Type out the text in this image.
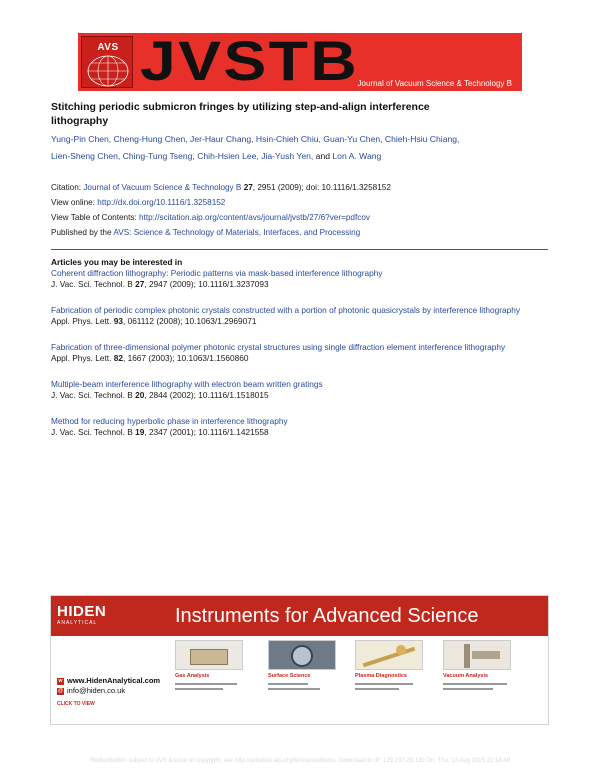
AVS JVSTB
Journal of Vacuum Science & Technology B
Stitching periodic submicron fringes by utilizing step-and-align interference
lithography
Yung-Pin Chen, Cheng-Hung Chen, Jer-Haur Chang, Hsin-Chieh Chiu, Guan-Yu Chen, Chieh-Hsiu Chiang,
Lien-Sheng Chen, Ching-Tung Tseng, Chih-Hsien Lee, Jia-Yush Yen, and Lon A. Wang
Citation: Journal of Vacuum Science & Technology B 27, 2951 (2009); doi: 10.1116/1.3258152
View online: http://dx.doi.org/10.1116/1.3258152
View Table of Contents: http://scitation.aip.org/content/avs/journal/jvstb/27/6?ver=pdfcov
Published by the AVS: Science & Technology of Materials, Interfaces, and Processing
Articles you may be interested in
Coherent diffraction lithography: Periodic patterns via mask-based interference lithography
J. Vac. Sci. Technol. B 27, 2947 (2009); 10.1116/1.3237093
Fabrication of periodic complex photonic crystals constructed with a portion of photonic quasicrystals by interference lithography
Appl. Phys. Lett. 93, 061112 (2008); 10.1063/1.2969071
Fabrication of three-dimensional polymer photonic crystal structures using single diffraction element interference lithography
Appl. Phys. Lett. 82, 1667 (2003); 10.1063/1.1560860
Multiple-beam interference lithography with electron beam written gratings
J. Vac. Sci. Technol. B 20, 2844 (2002); 10.1116/1.1518015
Method for reducing hyperbolic phase in interference lithography
J. Vac. Sci. Technol. B 19, 2347 (2001); 10.1116/1.1421558
HIDEN
ANALYTICAL	Instruments for Advanced Science
w www.HidenAnalytical.com
@ info@hiden.co.uk
CLICK TO VIEW
Gas Analysis	Surface Science	Plasma Diagnostics	Vacuum Analysis
Redistribution subject to AVS license or copyright; see http://scitation.aip.org/termsconditions. Download to IP: 129.237.29.130 On: Thu, 13 Aug 2015 21:18:49
